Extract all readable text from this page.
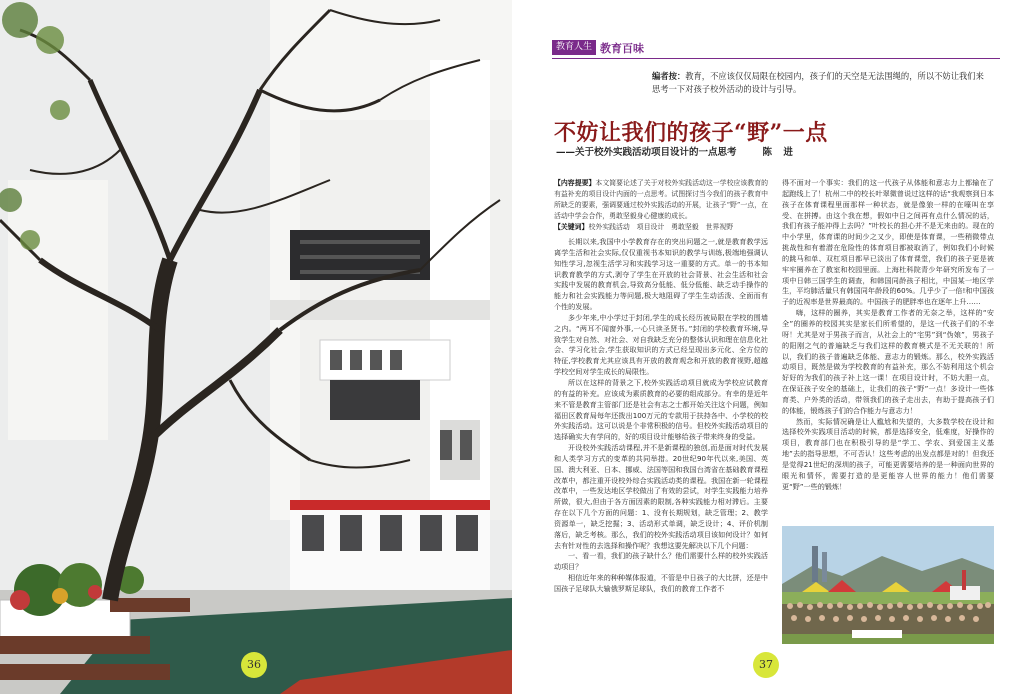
36
教育人生 教育百味
编者按：教育，不应该仅仅局限在校园内，孩子们的天空是无法围绳的，所以不妨让我们来思考一下对孩子校外活动的设计与引导。
不妨让我们的孩子“野”一点
——关于校外实践活动项目设计的一点思考	陈 进
【内容提要】本文简要论述了关于对校外实践活动这一学校应该教育的有益补充的项目设计内面的一点思考。试图探讨当今我们的孩子教育中所缺乏的要素，强调要通过校外实践活动的开展，让孩子“野”一点，在活动中学会合作，勇敢坚毅身心健康的成长。
【关键词】校外实践活动　项目设计　勇敢坚毅　世界视野

长期以来,我国中小学教育存在的突出问题之一,就是教育教学远离学生活和社会实际,仅仅重视书本知识的教学与训练,极端地强调认知性学习,忽视生活学习和实践学习这一重要的方式。单一的书本知识教育教学的方式,剥夺了学生在开放的社会背景、社会生活和社会实践中发展的教育机会,导致高分低能、低分低能、缺乏动手操作的能力和社会实践能力等问题,极大地阻碍了学生生动活泼、全面而有个性的发展。

多少年来,中小学过于封闭,学生的成长经历被局限在学校的围墙之内。“两耳不闻窗外事,一心只读圣贤书。”封闭的学校教育环境,导致学生对自然、对社会、对自我缺乏充分的整体认识和理在信息化社会、学习化社会,学生获取知识的方式已经呈现出多元化、全方位的特征,学校教育尤其应该具有开放的教育观念和开放的教育视野,超越学校空间对学生成长的局限性。

所以在这样的背景之下,校外实践活动项目就成为学校应试教育的有益的补充。应该成为素质教育的必要的组成部分。有幸的是近年来不管是教育主管部门还是社会有志之士都开始关注这个问题，例如福田区教育局每年还拨出100万元的专款用于扶持各中、小学校的校外实践活动。这可以说是个非常积极的信号。但校外实践活动项目的选择确实大有学问的，好的项目设计能够给孩子带来终身的受益。

开设校外实践活动课程,并不是新课程的独创,而是面对时代发展和人类学习方式的变革的共同举措。20世纪90年代以来,美国、英国、澳大利亚、日本、挪威、法国等国和我国台湾省在基础教育课程改革中，都注重开设校外综合实践活动类的课程。我国在新一轮课程改革中，一些发达地区学校做出了有效的尝试，对学生实践能力培养所做，很大,但由于各方面因素的限制,各种实践能力相对滞后。主要存在以下几个方面的问题：1、没有长期规划，缺乏管理；2、教学资源单一，缺乏挖掘；3、活动形式单调，缺乏设计；4、评价机制落后，缺乏考核。那么，我们的校外实践活动项目该如何设计？如何去有针对性的去选择和操作呢？我想这要先解决以下几个问题：

一、看一看，我们的孩子缺什么？他们需要什么样的校外实践活动项目？

相信近年来的种种媒体报道，不管是中日孩子的大比拼，还是中国孩子足球队大输俄罗斯足球队，我们的教育工作者不

得不面对一个事实：我们的这一代孩子从体能和意志力上都输在了起跑线上了！杭州二中的校长叶翠微曾说过这样的话“我观察到日本孩子在体育课程里面那样一种状态，就是像狼一样的在嚎叫在享受、在拼搏。由这个我在想，假如中日之间再有点什么情况的话，我们有孩子能冲得上去吗？”叶校长的担心并不是无来由的。现在的中小学里，体育课的时间少之又少，即使是体育课，一些稍微带点挑战性和有着潜在危险性的体育项目都被取消了，例如我们小时候的跳马和单、双杠项目都早已淡出了体育课堂，我们的孩子更是被牢牢圈养在了教室和校园里面。上海杜科院青少年研究所发布了一项中日韩三国学生的调查，和韩国同龄孩子相比，中国某一地区学生，平均肺活量只有韩国同年龄段的60%。几乎少了一倍!和中国孩子的近视率是世界最高的。中国孩子的肥胖率也在逐年上升……

嗨，这样的圈养，其实是教育工作者的无奈之举，这样的“安全”的圈养的校园其实是家长们所希望的，是这一代孩子们的不幸呀！尤其是对于男孩子而言，从社会上的“宅男”到“伪娘”，男孩子的阳刚之气的普遍缺乏与我们这样的教育模式是不无关联的！所以，我们的孩子普遍缺乏体能、意志力的锻炼。那么，校外实践活动项目，既然是做为学校教育的有益补充，那么不妨利用这个机会好好的为我们的孩子补上这一课！在项目设计时，不妨大胆一点，在保证孩子安全的基础上，让我们的孩子“野”一点！多设计一些体育类、户外类的活动，带领我们的孩子走出去，有助于提高孩子们的体能，锻炼孩子们的合作能力与意志力！

然而，实际情况确是让人尴尬和失望的，大多数学校在设计和选择校外实践项目活动的时候，都是选择安全，低难度，好操作的项目，教育部门也在积极引导的是“学工、学农、到爱国主义基地”去的指导思想，不可否认！这些考虑的出发点都是对的！但我还是觉得21世纪的深圳的孩子，可能更需要培养的是一种面向世界的眼光和情怀，需要打造的是更能容人世界的能力！他们需要更“野”一些的锻炼！

37
